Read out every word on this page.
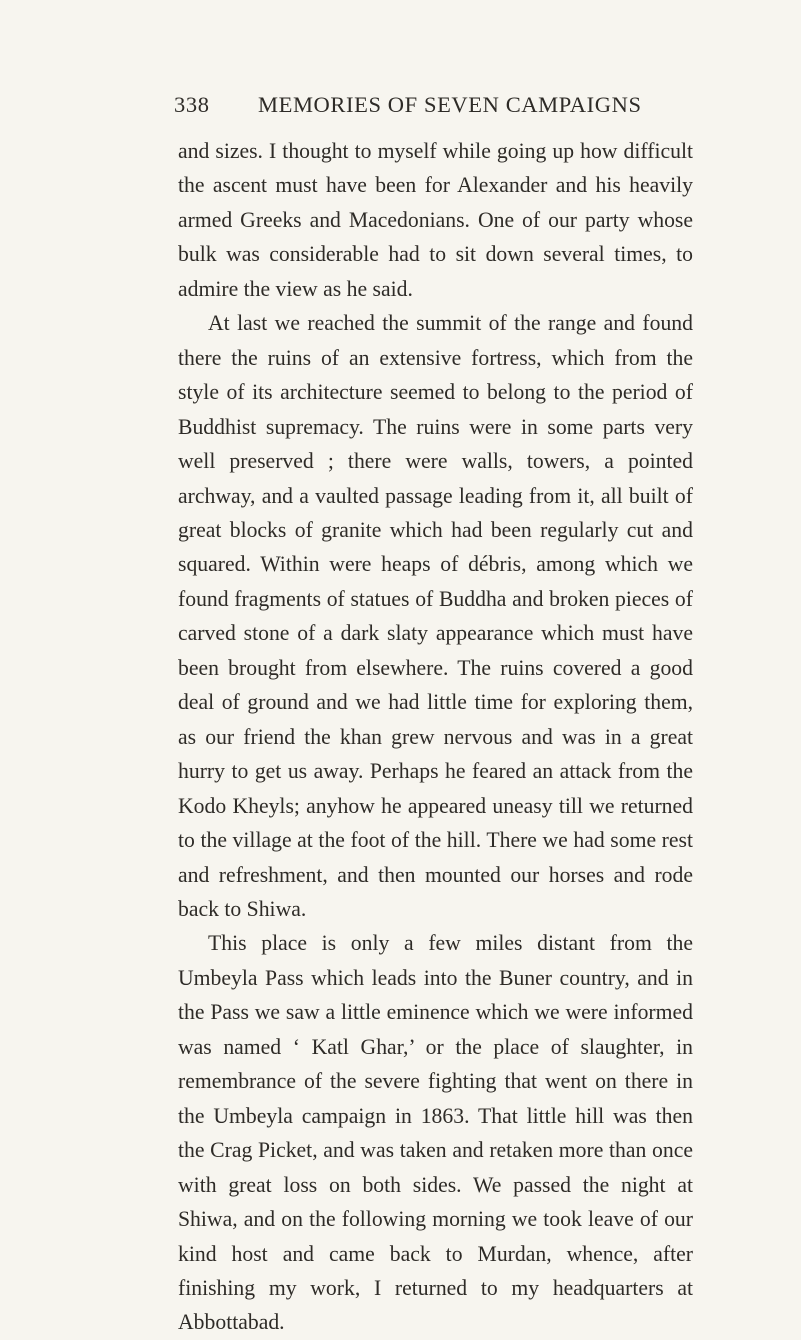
338 MEMORIES OF SEVEN CAMPAIGNS

and sizes. I thought to myself while going up how difficult the ascent must have been for Alexander and his heavily armed Greeks and Macedonians. One of our party whose bulk was considerable had to sit down several times, to admire the view as he said.

At last we reached the summit of the range and found there the ruins of an extensive fortress, which from the style of its architecture seemed to belong to the period of Buddhist supremacy. The ruins were in some parts very well preserved ; there were walls, towers, a pointed archway, and a vaulted passage leading from it, all built of great blocks of granite which had been regularly cut and squared. Within were heaps of débris, among which we found fragments of statues of Buddha and broken pieces of carved stone of a dark slaty appearance which must have been brought from elsewhere. The ruins covered a good deal of ground and we had little time for exploring them, as our friend the khan grew nervous and was in a great hurry to get us away. Perhaps he feared an attack from the Kodo Kheyls; anyhow he appeared uneasy till we returned to the village at the foot of the hill. There we had some rest and refreshment, and then mounted our horses and rode back to Shiwa.

This place is only a few miles distant from the Umbeyla Pass which leads into the Buner country, and in the Pass we saw a little eminence which we were informed was named ‘ Katl Ghar,’ or the place of slaughter, in remembrance of the severe fighting that went on there in the Umbeyla campaign in 1863. That little hill was then the Crag Picket, and was taken and retaken more than once with great loss on both sides. We passed the night at Shiwa, and on the following morning we took leave of our kind host and came back to Murdan, whence, after finishing my work, I returned to my headquarters at Abbottabad.
